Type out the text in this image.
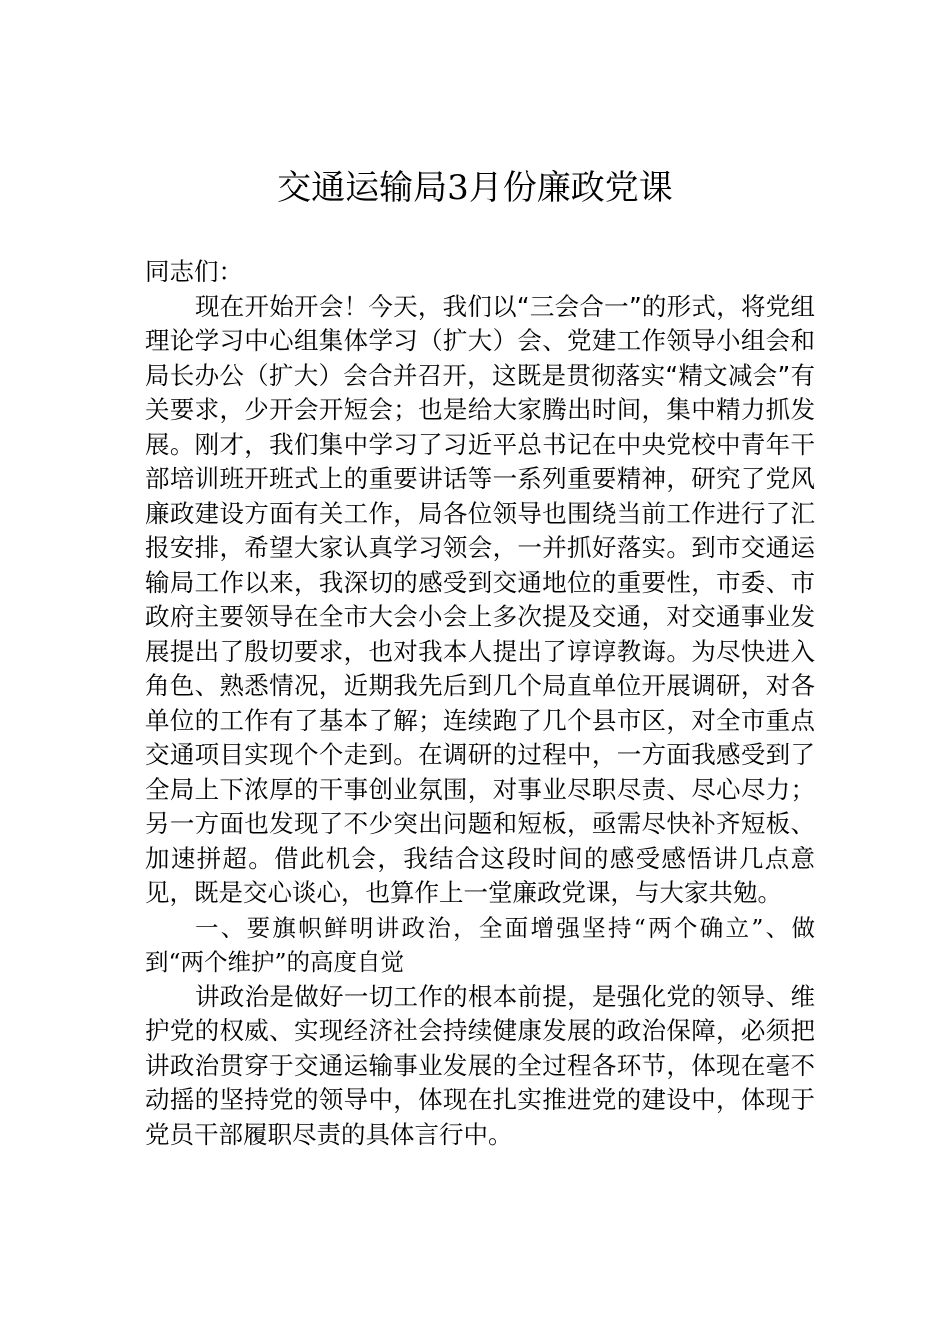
交通运输局3月份廉政党课

同志们：

现在开始开会！今天，我们以“三会合一”的形式，将党组理论学习中心组集体学习（扩大）会、党建工作领导小组会和局长办公（扩大）会合并召开，这既是贯彻落实“精文减会”有关要求，少开会开短会；也是给大家腾出时间，集中精力抓发展。刚才，我们集中学习了习近平总书记在中央党校中青年干部培训班开班式上的重要讲话等一系列重要精神，研究了党风廉政建设方面有关工作，局各位领导也围绕当前工作进行了汇报安排，希望大家认真学习领会，一并抓好落实。到市交通运输局工作以来，我深切的感受到交通地位的重要性，市委、市政府主要领导在全市大会小会上多次提及交通，对交通事业发展提出了殷切要求，也对我本人提出了谆谆教诲。为尽快进入角色、熟悉情况，近期我先后到几个局直单位开展调研，对各单位的工作有了基本了解；连续跑了几个县市区，对全市重点交通项目实现个个走到。在调研的过程中，一方面我感受到了全局上下浓厚的干事创业氛围，对事业尽职尽责、尽心尽力；另一方面也发现了不少突出问题和短板，亟需尽快补齐短板、加速拼超。借此机会，我结合这段时间的感受感悟讲几点意见，既是交心谈心，也算作上一堂廉政党课，与大家共勉。

一、要旗帜鲜明讲政治，全面增强坚持“两个确立”、做到“两个维护”的高度自觉

讲政治是做好一切工作的根本前提，是强化党的领导、维护党的权威、实现经济社会持续健康发展的政治保障，必须把讲政治贯穿于交通运输事业发展的全过程各环节，体现在毫不动摇的坚持党的领导中，体现在扎实推进党的建设中，体现于党员干部履职尽责的具体言行中。
